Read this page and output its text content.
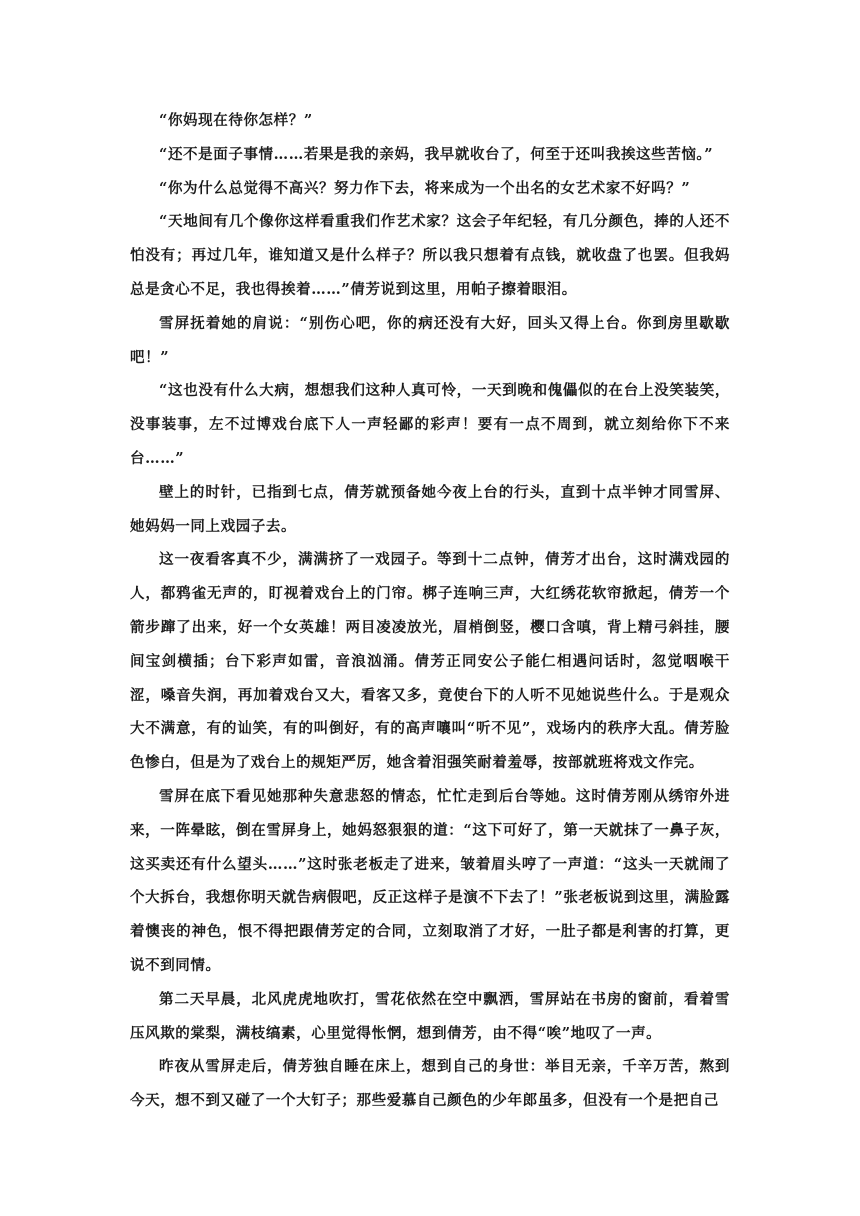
“你妈现在待你怎样？”

“还不是面子事情……若果是我的亲妈，我早就收台了，何至于还叫我挨这些苦恼。”

“你为什么总觉得不高兴？努力作下去，将来成为一个出名的女艺术家不好吗？”

“天地间有几个像你这样看重我们作艺术家？这会子年纪轻，有几分颜色，捧的人还不怕没有；再过几年，谁知道又是什么样子？所以我只想着有点钱，就收盘了也罢。但我妈总是贪心不足，我也得挨着……”倩芳说到这里，用帕子擦着眼泪。

雪屏抚着她的肩说：“别伤心吧，你的病还没有大好，回头又得上台。你到房里歇歇吧！”

“这也没有什么大病，想想我们这种人真可怜，一天到晚和傀儡似的在台上没笑装笑，没事装事，左不过博戏台底下人一声轻鄙的彩声！要有一点不周到，就立刻给你下不来台……”

壁上的时针，已指到七点，倩芳就预备她今夜上台的行头，直到十点半钟才同雪屏、她妈妈一同上戏园子去。

这一夜看客真不少，满满挤了一戏园子。等到十二点钟，倩芳才出台，这时满戏园的人，都鸦雀无声的，盯视着戏台上的门帘。梆子连响三声，大红绣花软帘掀起，倩芳一个箭步蹿了出来，好一个女英雄！两目凌凌放光，眉梢倒竖，樱口含嗔，背上精弓斜挂，腰间宝剑横插；台下彩声如雷，音浪汹涌。倩芳正同安公子能仁相遇问话时，忽觉咽喉干涩，嗓音失润，再加着戏台又大，看客又多，竟使台下的人听不见她说些什么。于是观众大不满意，有的讪笑，有的叫倒好，有的高声嚷叫“听不见”，戏场内的秩序大乱。倩芳脸色惨白，但是为了戏台上的规矩严厉，她含着泪强笑耐着羞辱，按部就班将戏文作完。

雪屏在底下看见她那种失意悲怒的情态，忙忙走到后台等她。这时倩芳刚从绣帘外进来，一阵晕眩，倒在雪屏身上，她妈怒狠狠的道：“这下可好了，第一天就抹了一鼻子灰，这买卖还有什么望头……”这时张老板走了进来，皱着眉头哼了一声道：“这头一天就闹了个大拆台，我想你明天就告病假吧，反正这样子是演不下去了！”张老板说到这里，满脸露着懊丧的神色，恨不得把跟倩芳定的合同，立刻取消了才好，一肚子都是利害的打算，更说不到同情。

第二天早晨，北风虎虎地吹打，雪花依然在空中飘洒，雪屏站在书房的窗前，看着雪压风欺的棠梨，满枝缟素，心里觉得怅惘，想到倩芳，由不得“唉”地叹了一声。

昨夜从雪屏走后，倩芳独自睡在床上，想到自己的身世：举目无亲，千辛万苦，熬到今天，想不到又碰了一个大钉子；那些爱慕自己颜色的少年郎虽多，但没有一个是把自己
